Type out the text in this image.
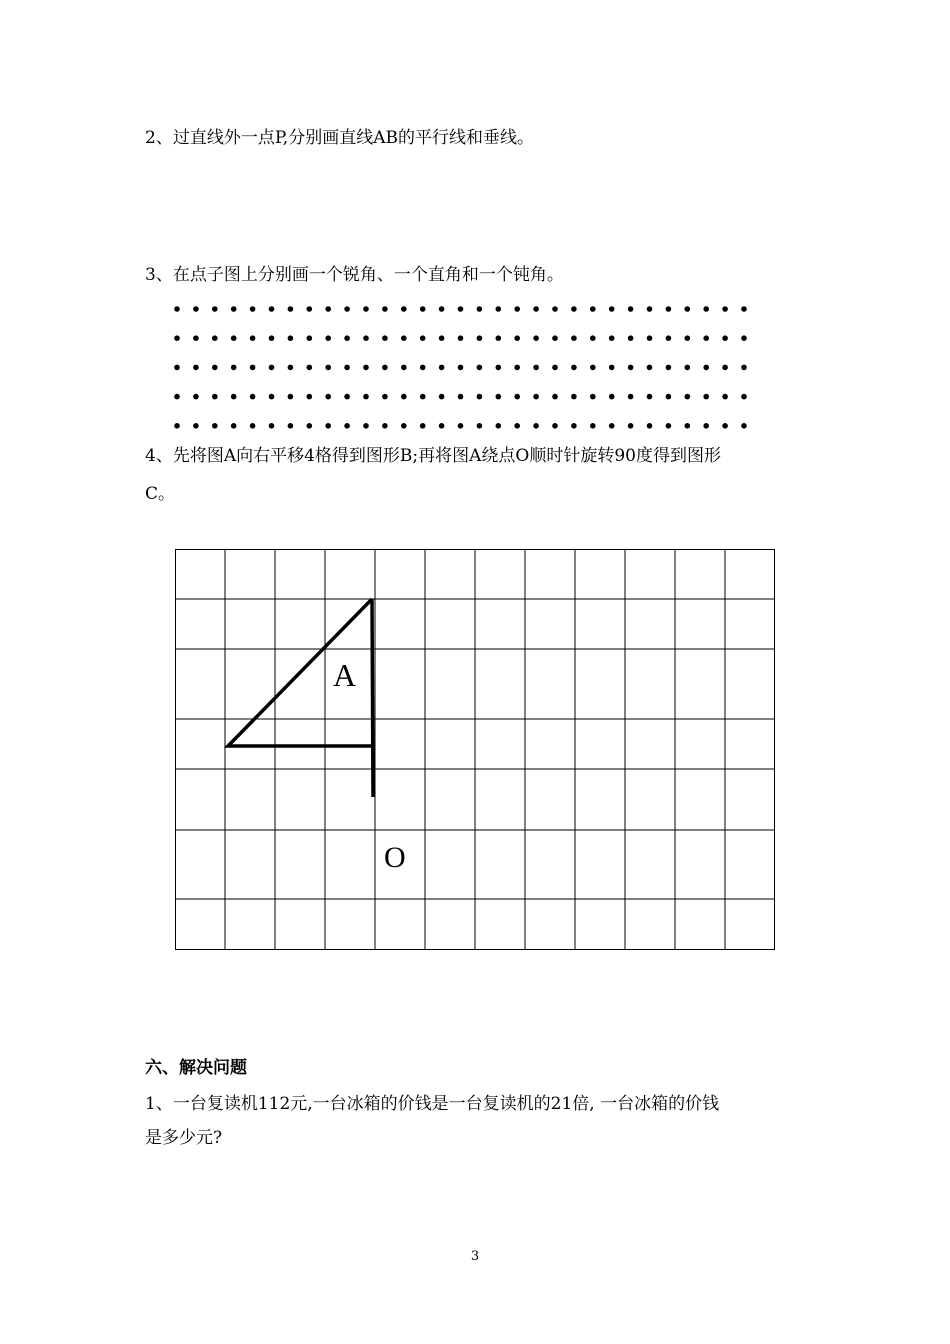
2、过直线外一点P,分别画直线AB的平行线和垂线。
3、在点子图上分别画一个锐角、一个直角和一个钝角。
4、先将图A向右平移4格得到图形B;再将图A绕点O顺时针旋转90度得到图形
C。
A
O
六、解决问题
1、一台复读机112元,一台冰箱的价钱是一台复读机的21倍, 一台冰箱的价钱
是多少元?
3
